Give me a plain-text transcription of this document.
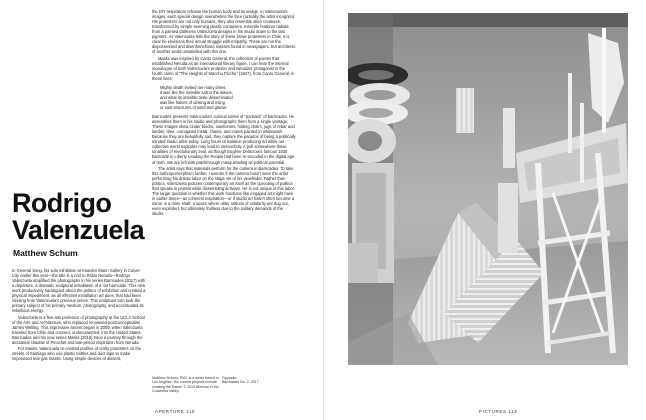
Rodrigo
Valenzuela
Matthew Schum

In General Song, his solo exhibition at Kloeden Mann Gallery in Culver City earlier this year—the title is a nod to Pablo Neruda—Rodrigo Valenzuela amplified the photographs in his series Barricades (2017) with a departure, a dramatic sculptural installation of a riot barricade. This new work productively harangued about the politics of exhibition and created a physical impediment, as all effective installation art does, that had been missing from Valenzuela's previous series. This sculptural turn took the primary subject of his primary medium, photography, and accentuated its rebellious energy.

Valenzuela is a fine arts professor of photography at the UCLA School of the Arts and Architecture, who replaced renowned postconceptualist James Welling. This impressive ascent began in 2009, when Valenzuela traveled from Chile and crossed, undocumented, into the United States. Barricades and his new series Masks (2018) trace a journey through the dictatorial shadow of Pinochet and late-period inspiration from Neruda.

For Masks, Valenzuela re-created profiles of crafty protesters on the streets of Santiago who use plastic bottles and duct tape to make improvised tear gas masks. Using simple devices of dissent,

the DIY respirators reframe the human body and its visage. In Valenzuela's images, each special design overwhelms the face (actually the artist incognito). His protesters are not only humans, they also resemble alien creatures, transformed by simple-seeming plastic containers. Insectile features radiate from a painted darkness Valenzuela designs in his studio down to the last pigment. As Valenzuela tells the story of these brave protesters in Chile, it is clear he envisions their actual struggle with empathy. These are not the dispossessed and disenfranchised masses found in newspapers, but architects of another world unsatisfied with this one.

Masks was inspired by Canto General, the collection of poems that established Neruda as an international literary figure. I can hear the internal monologue of both Valenzuela's protester and Neruda's protagonist in the fourth canto of "The Heights of Macchu Picchu" (1947), from Canto General, in these lines:

Mighty death invited me many times:
it was like the invisible salt in the waves,
and what its invisible taste disseminated
was like halves of sinking and rising
or vast structures of wind and glacier.

Barricades presents Valenzuela's curious series of "portraits" of barricades. He assembles them in his studio and photographs them from a single vantage. These images show cinder blocks, sawhorses, folding chairs, jugs of rebar and lumber, tires, corrugated metal, chains, and crates painted in whitewash. Because they are beautifully sad, they capture the paradox of being a politically minded studio artist today. Long hours of isolation producing art while our collective world explodes may lead to melancholy. A poll somewhere these tonalities of revolutionary zeal, as though Eugène Delacroix's famous 1830 barricade in Liberty Leading the People had been re-encoded in the digital age of truth. We are left with patchthrough masquerading as political potential.

The artist says that materials perform for the camera in Barricades. To take this anthropomorphism further, I wonder if the camera hasn't seen the artist performing his artistic labor on the stage set of his viewfinder. Rather than politics, Valenzuela pictures contemporary art itself as the uprooting of politics that speaks in protest while dissembling activism. He is not unique in this labor. The larger question is whether this work functions like engaged art might have in earlier times—as coherent inspiration—or if studio art hasn't often become a mirror in a mine shaft: a space where older notions of solidarity are dug out, even exploded, but ultimately fruitless due to the solitary demands of the studio.

Matthew Schum, PhD, is a writer based in Los Angeles. His current projects include curating the Damn! © 2019 Biennial in the Coachella Valley.
Opposite:
Barricades No. 2, 2017
APERTURE 118	PICTURES 119
